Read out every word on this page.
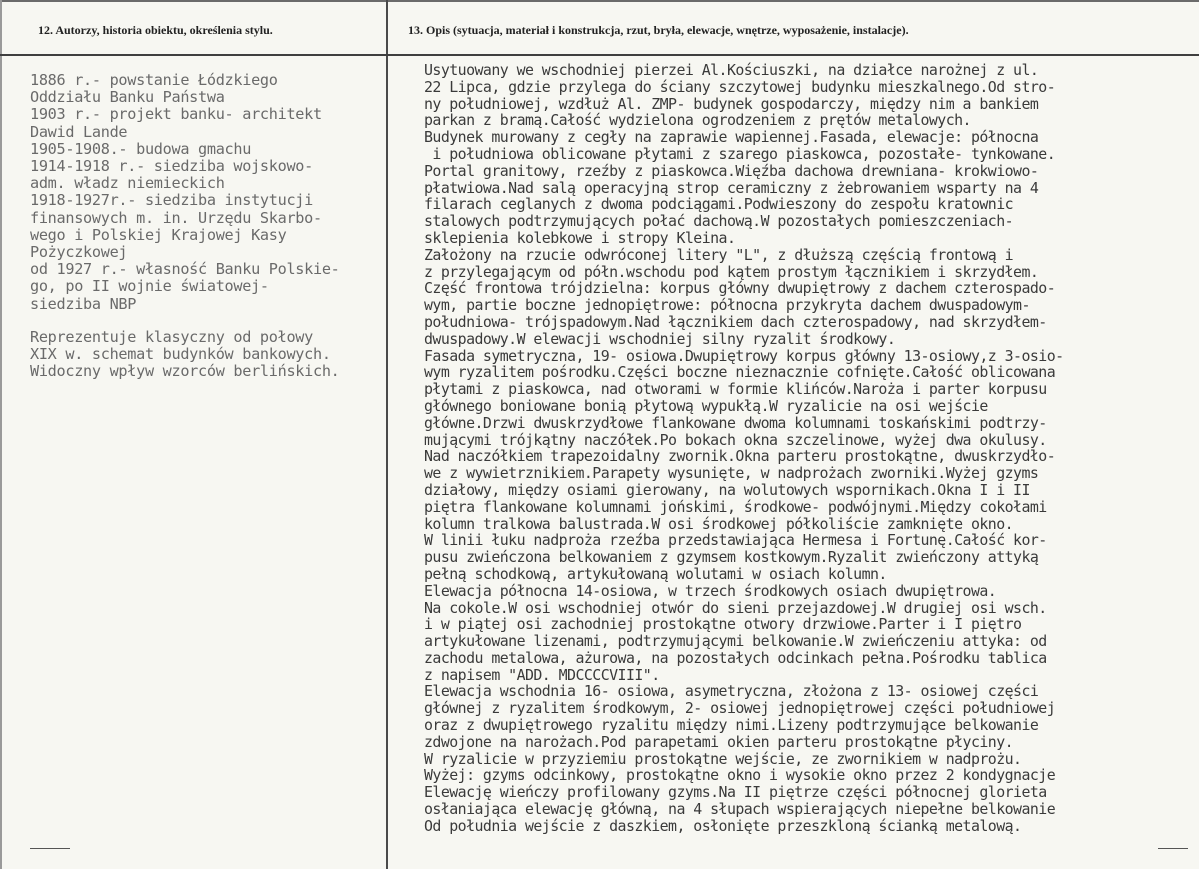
12. Autorzy, historia obiektu, określenia stylu.	13. Opis (sytuacja, materiał i konstrukcja, rzut, bryła, elewacje, wnętrze, wyposażenie, instalacje).
1886 r.- powstanie Łódzkiego
Oddziału Banku Państwa
1903 r.- projekt banku- architekt
Dawid Lande
1905-1908.- budowa gmachu
1914-1918 r.- siedziba wojskowo-
adm. władz niemieckich
1918-1927r.- siedziba instytucji
finansowych m. in. Urzędu Skarbo-
wego i Polskiej Krajowej Kasy
Pożyczkowej
od 1927 r.- własność Banku Polskie-
go, po II wojnie światowej-
siedziba NBP
Reprezentuje klasyczny od połowy
XIX w. schemat budynków bankowych.
Widoczny wpływ wzorców berlińskich.
Usytuowany we wschodniej pierzei Al.Kościuszki, na działce narożnej z ul.
22 Lipca, gdzie przylega do ściany szczytowej budynku mieszkalnego.Od stro-
ny południowej, wzdłuż Al. ZMP- budynek gospodarczy, między nim a bankiem
parkan z bramą.Całość wydzielona ogrodzeniem z prętów metalowych.
Budynek murowany z cegły na zaprawie wapiennej.Fasada, elewacje: północna
i południowa oblicowane płytami z szarego piaskowca, pozostałe- tynkowane.
Portal granitowy, rzeźby z piaskowca.Więźba dachowa drewniana- krokwiowo-
płatwiowa.Nad salą operacyjną strop ceramiczny z żebrowaniem wsparty na 4
filarach ceglanych z dwoma podciągami.Podwieszony do zespołu kratownic
stalowych podtrzymujących połać dachową.W pozostałych pomieszczeniach-
sklepienia kolebkowe i stropy Kleina.
Założony na rzucie odwróconej litery "L", z dłuższą częścią frontową i
z przylegającym od półn.wschodu pod kątem prostym łącznikiem i skrzydłem.
Część frontowa trójdzielna: korpus główny dwupiętrowy z dachem czterospado-
wym, partie boczne jednopiętrowe: północna przykryta dachem dwuspadowym-
południowa- trójspadowym.Nad łącznikiem dach czterospadowy, nad skrzydłem-
dwuspadowy.W elewacji wschodniej silny ryzalit środkowy.
Fasada symetryczna, 19- osiowa.Dwupiętrowy korpus główny 13-osiowy,z 3-osio-
wym ryzalitem pośrodku.Części boczne nieznacznie cofnięte.Całość oblicowana
płytami z piaskowca, nad otworami w formie klińców.Naroża i parter korpusu
głównego boniowane bonią płytową wypukłą.W ryzalicie na osi wejście
główne.Drzwi dwuskrzydłowe flankowane dwoma kolumnami toskańskimi podtrzy-
mującymi trójkątny naczółek.Po bokach okna szczelinowe, wyżej dwa okulusy.
Nad naczółkiem trapezoidalny zwornik.Okna parteru prostokątne, dwuskrzydło-
we z wywietrznikiem.Parapety wysunięte, w nadprożach zworniki.Wyżej gzyms
działowy, między osiami gierowany, na wolutowych wspornikach.Okna I i II
piętra flankowane kolumnami jońskimi, środkowe- podwójnymi.Między cokołami
kolumn tralkowa balustrada.W osi środkowej półkoliście zamknięte okno.
W linii łuku nadproża rzeźba przedstawiająca Hermesa i Fortunę.Całość kor-
pusu zwieńczona belkowaniem z gzymsem kostkowym.Ryzalit zwieńczony attyką
pełną schodkową, artykułowaną wolutami w osiach kolumn.
Elewacja północna 14-osiowa, w trzech środkowych osiach dwupiętrowa.
Na cokole.W osi wschodniej otwór do sieni przejazdowej.W drugiej osi wsch.
i w piątej osi zachodniej prostokątne otwory drzwiowe.Parter i I piętro
artykułowane lizenami, podtrzymującymi belkowanie.W zwieńczeniu attyka: od
zachodu metalowa, ażurowa, na pozostałych odcinkach pełna.Pośrodku tablica
z napisem "ADD. MDCCCCVIII".
Elewacja wschodnia 16- osiowa, asymetryczna, złożona z 13- osiowej części
głównej z ryzalitem środkowym, 2- osiowej jednopiętrowej części południowej
oraz z dwupiętrowego ryzalitu między nimi.Lizeny podtrzymujące belkowanie
zdwojone na narożach.Pod parapetami okien parteru prostokątne płyciny.
W ryzalicie w przyziemiu prostokątne wejście, ze zwornikiem w nadprożu.
Wyżej: gzyms odcinkowy, prostokątne okno i wysokie okno przez 2 kondygnacje
Elewację wieńczy profilowany gzyms.Na II piętrze części północnej glorieta
osłaniająca elewację główną, na 4 słupach wspierających niepełne belkowanie
Od południa wejście z daszkiem, osłonięte przeszkloną ścianką metalową.
